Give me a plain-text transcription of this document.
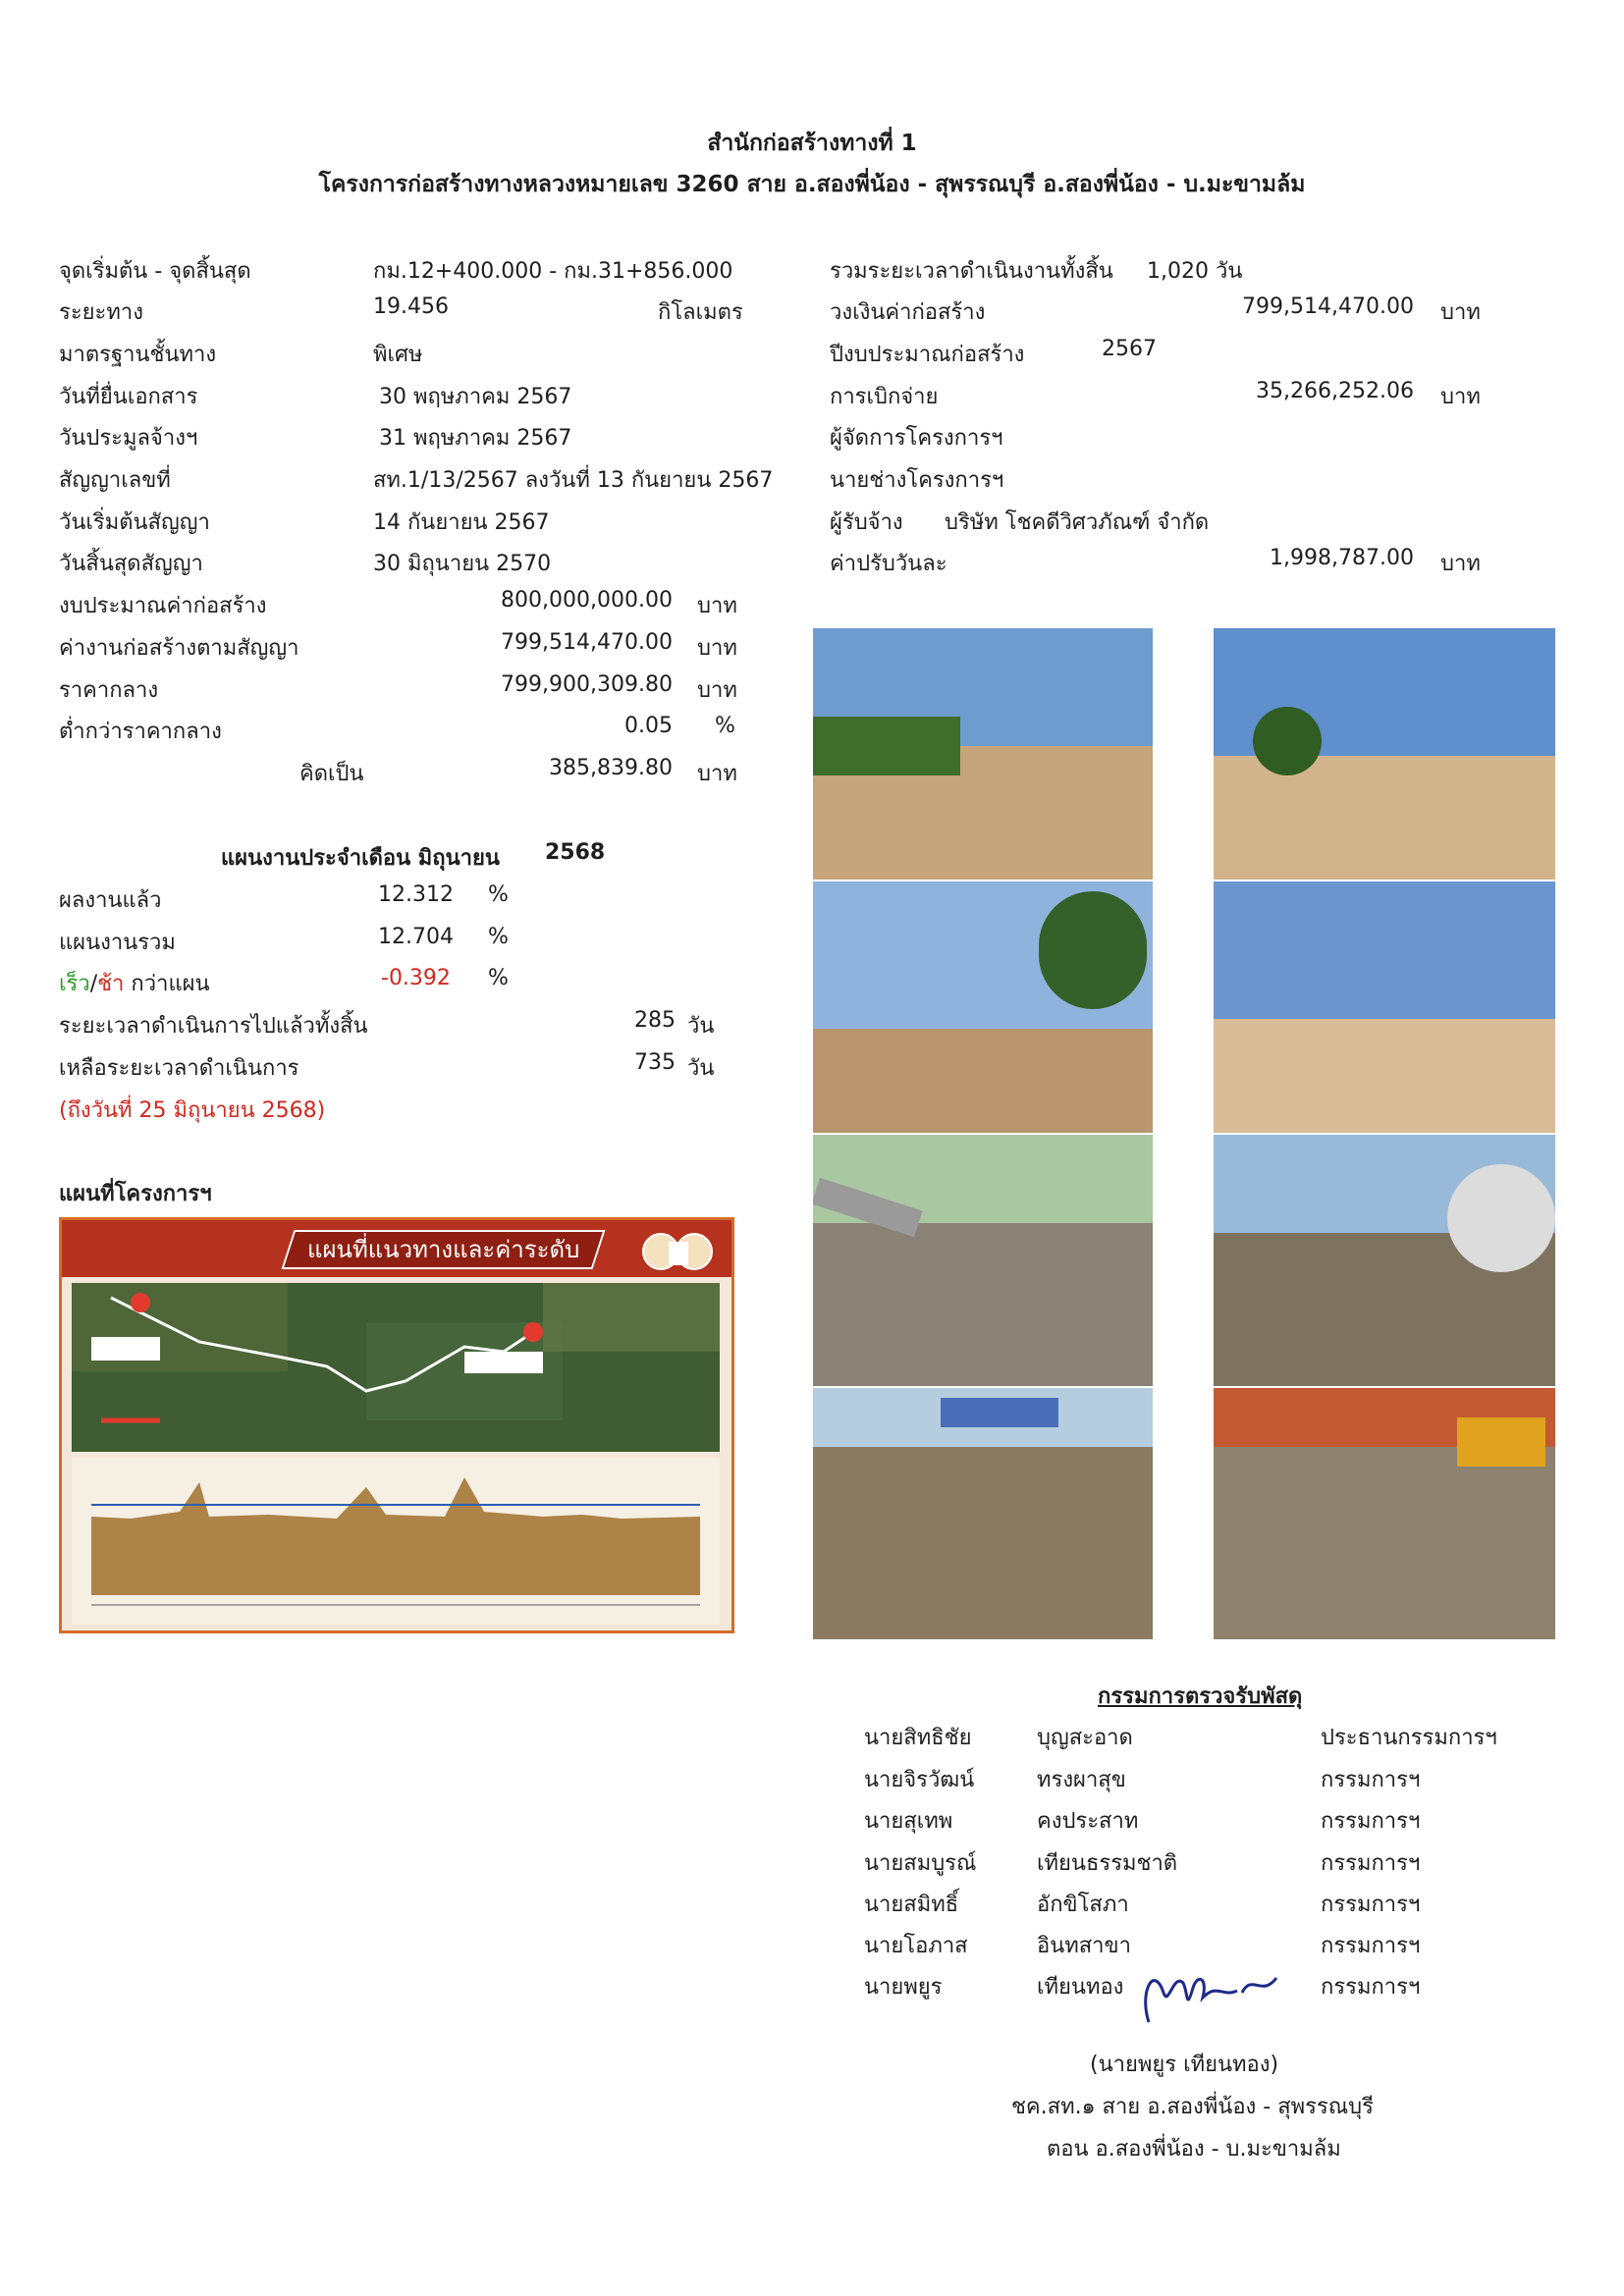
สำนักก่อสร้างทางที่ 1
โครงการก่อสร้างทางหลวงหมายเลข 3260 สาย อ.สองพี่น้อง - สุพรรณบุรี อ.สองพี่น้อง - บ.มะขามล้ม
จุดเริ่มต้น - จุดสิ้นสุด	กม.12+400.000 - กม.31+856.000
ระยะทาง	19.456	กิโลเมตร
มาตรฐานชั้นทาง	พิเศษ
วันที่ยื่นเอกสาร	30 พฤษภาคม 2567
วันประมูลจ้างฯ	31 พฤษภาคม 2567
สัญญาเลขที่	สท.1/13/2567 ลงวันที่ 13 กันยายน 2567
วันเริ่มต้นสัญญา	14 กันยายน 2567
วันสิ้นสุดสัญญา	30 มิถุนายน 2570
งบประมาณค่าก่อสร้าง	800,000,000.00 บาท
ค่างานก่อสร้างตามสัญญา	799,514,470.00 บาท
ราคากลาง	799,900,309.80 บาท
ต่ำกว่าราคากลาง	0.05 %
คิดเป็น	385,839.80 บาท
รวมระยะเวลาดำเนินงานทั้งสิ้น 1,020 วัน
วงเงินค่าก่อสร้าง	799,514,470.00 บาท
ปีงบประมาณก่อสร้าง	2567
การเบิกจ่าย	35,266,252.06 บาท
ผู้จัดการโครงการฯ
นายช่างโครงการฯ
ผู้รับจ้าง บริษัท โชคดีวิศวภัณฑ์ จำกัด
ค่าปรับวันละ	1,998,787.00 บาท
แผนงานประจำเดือน มิถุนายน 2568
ผลงานแล้ว	12.312 %
แผนงานรวม	12.704 %
เร็ว/ช้า กว่าแผน	-0.392 %
ระยะเวลาดำเนินการไปแล้วทั้งสิ้น	285 วัน
เหลือระยะเวลาดำเนินการ	735 วัน
(ถึงวันที่ 25 มิถุนายน 2568)
แผนที่โครงการฯ
แผนที่แนวทางและค่าระดับ
กรรมการตรวจรับพัสดุ
นายสิทธิชัย	บุญสะอาด	ประธานกรรมการฯ
นายจิรวัฒน์	ทรงผาสุข	กรรมการฯ
นายสุเทพ	คงประสาท	กรรมการฯ
นายสมบูรณ์	เทียนธรรมชาติ	กรรมการฯ
นายสมิทธิ์	อักขิโสภา	กรรมการฯ
นายโอภาส	อินทสาขา	กรรมการฯ
นายพยูร	เทียนทอง	กรรมการฯ
(นายพยูร เทียนทอง)
ชค.สท.๑ สาย อ.สองพี่น้อง - สุพรรณบุรี
ตอน อ.สองพี่น้อง - บ.มะขามล้ม
